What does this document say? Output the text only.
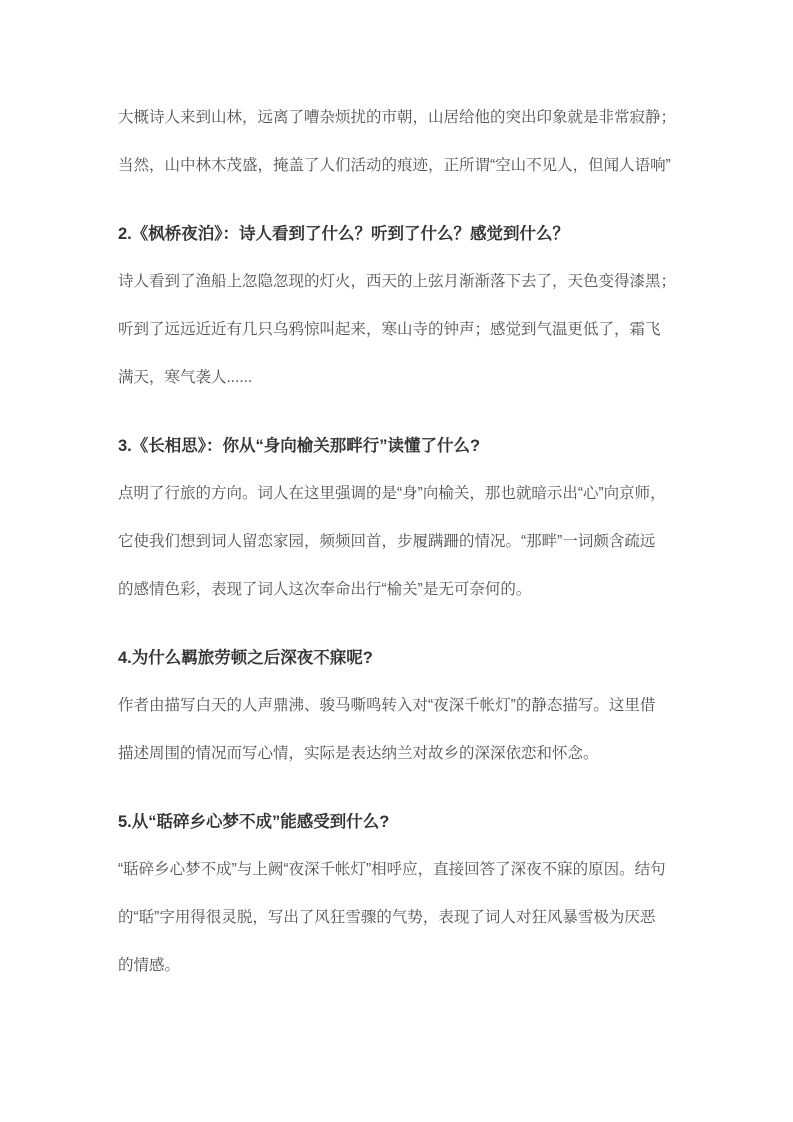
大概诗人来到山林，远离了嘈杂烦扰的市朝，山居给他的突出印象就是非常寂静；

当然，山中林木茂盛，掩盖了人们活动的痕迹，正所谓“空山不见人，但闻人语响”

2.《枫桥夜泊》：诗人看到了什么？听到了什么？感觉到什么？

诗人看到了渔船上忽隐忽现的灯火，西天的上弦月渐渐落下去了，天色变得漆黑；

听到了远远近近有几只乌鸦惊叫起来，寒山寺的钟声；感觉到气温更低了，霜飞

满天，寒气袭人......

3.《长相思》：你从“身向榆关那畔行”读懂了什么?

点明了行旅的方向。词人在这里强调的是“身”向榆关，那也就暗示出“心”向京师，

它使我们想到词人留恋家园，频频回首，步履蹒跚的情况。“那畔”一词颇含疏远

的感情色彩，表现了词人这次奉命出行“榆关”是无可奈何的。

4.为什么羁旅劳顿之后深夜不寐呢?

作者由描写白天的人声鼎沸、骏马嘶鸣转入对“夜深千帐灯”的静态描写。这里借

描述周围的情况而写心情，实际是表达纳兰对故乡的深深依恋和怀念。

5.从“聒碎乡心梦不成”能感受到什么?

“聒碎乡心梦不成”与上阙“夜深千帐灯”相呼应，直接回答了深夜不寐的原因。结句

的“聒”字用得很灵脱，写出了风狂雪骤的气势，表现了词人对狂风暴雪极为厌恶

的情感。
